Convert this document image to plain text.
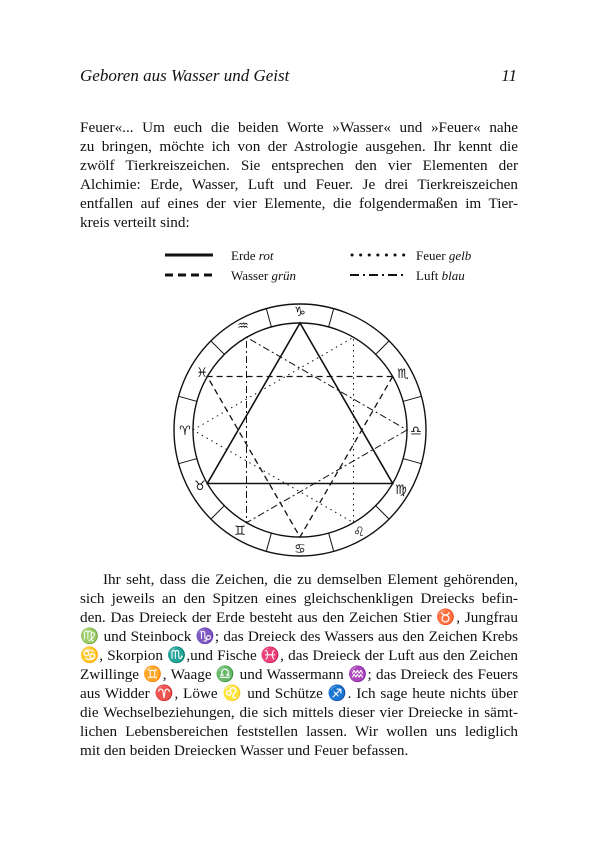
Geboren aus Wasser und Geist	11
Feuer«... Um euch die beiden Worte »Wasser« und »Feuer« nahe
zu bringen, möchte ich von der Astrologie ausgehen. Ihr kennt die
zwölf Tierkreiszeichen. Sie entsprechen den vier Elementen der
Alchimie: Erde, Wasser, Luft und Feuer. Je drei Tierkreiszeichen
entfallen auf eines der vier Elemente, die folgendermaßen im Tier-
kreis verteilt sind:
Erde rot
Wasser grün
Feuer gelb
Luft blau
♑
♒
♓
♈
♉
♊
♋
♌
♍
♎
♏
Ihr seht, dass die Zeichen, die zu demselben Element gehörenden,
sich jeweils an den Spitzen eines gleichschenkligen Dreiecks befin-
den. Das Dreieck der Erde besteht aus den Zeichen Stier ♉, Jungfrau
♍ und Steinbock ♑; das Dreieck des Wassers aus den Zeichen Krebs
♋, Skorpion ♏,und Fische ♓, das Dreieck der Luft aus den Zeichen
Zwillinge ♊, Waage ♎ und Wassermann ♒; das Dreieck des Feuers
aus Widder ♈, Löwe ♌ und Schütze ♐. Ich sage heute nichts über
die Wechselbeziehungen, die sich mittels dieser vier Dreiecke in sämt-
lichen Lebensbereichen feststellen lassen. Wir wollen uns lediglich
mit den beiden Dreiecken Wasser und Feuer befassen.
